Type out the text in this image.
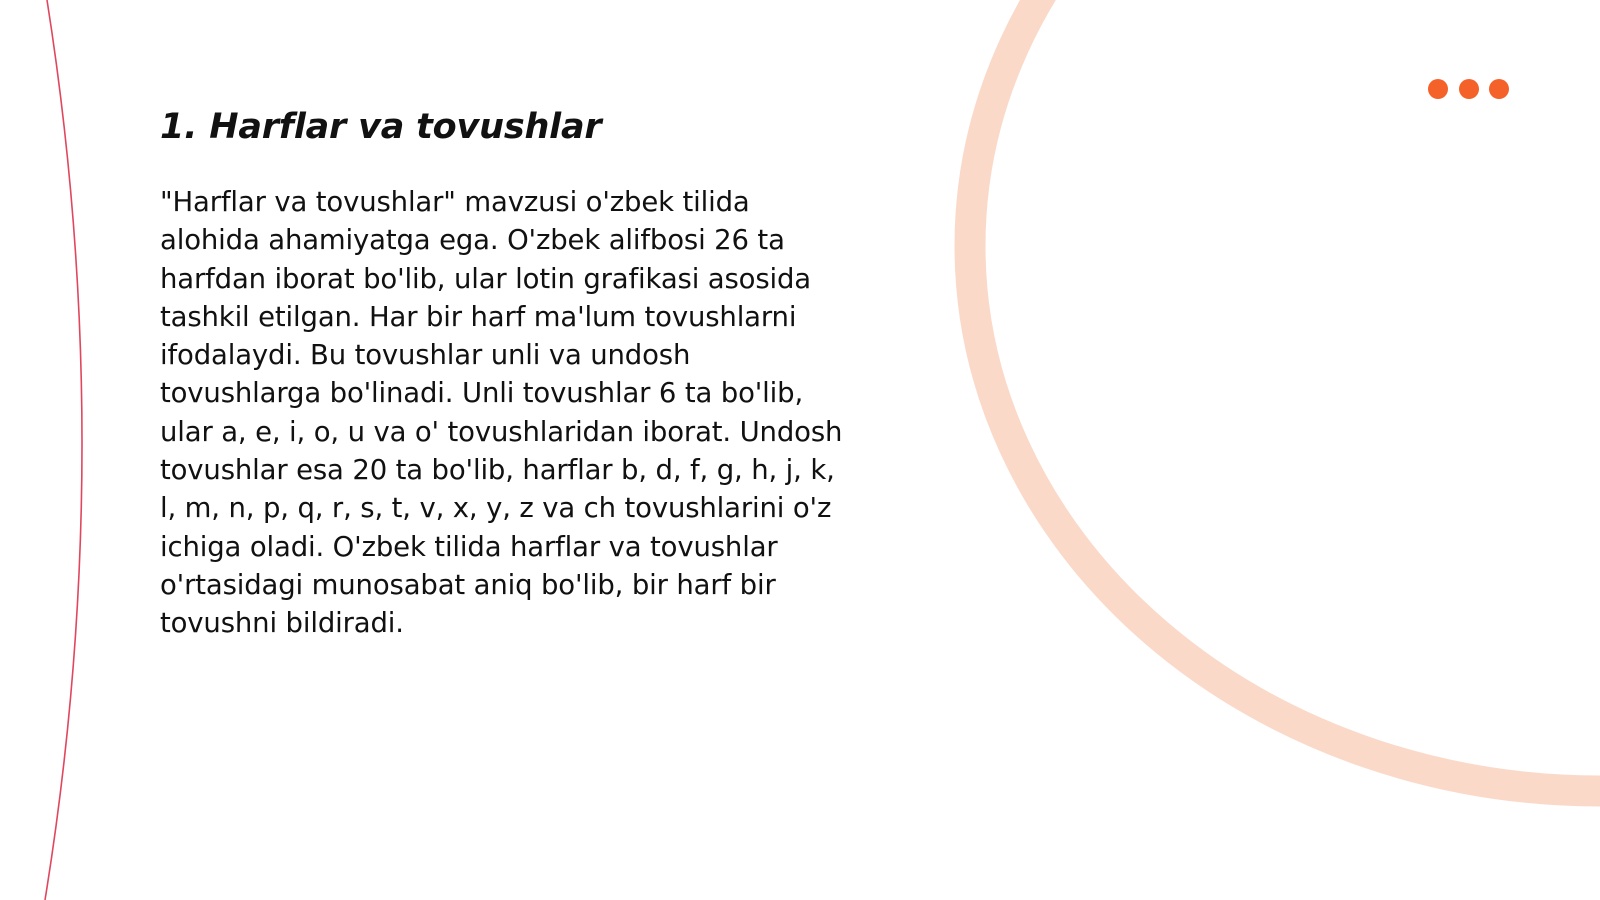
1. Harflar va tovushlar

"Harflar va tovushlar" mavzusi o'zbek tilida alohida ahamiyatga ega. O'zbek alifbosi 26 ta harfdan iborat bo'lib, ular lotin grafikasi asosida tashkil etilgan. Har bir harf ma'lum tovushlarni ifodalaydi. Bu tovushlar unli va undosh tovushlarga bo'linadi. Unli tovushlar 6 ta bo'lib, ular a, e, i, o, u va o' tovushlaridan iborat. Undosh tovushlar esa 20 ta bo'lib, harflar b, d, f, g, h, j, k, l, m, n, p, q, r, s, t, v, x, y, z va ch tovushlarini o'z ichiga oladi. O'zbek tilida harflar va tovushlar o'rtasidagi munosabat aniq bo'lib, bir harf bir tovushni bildiradi.
